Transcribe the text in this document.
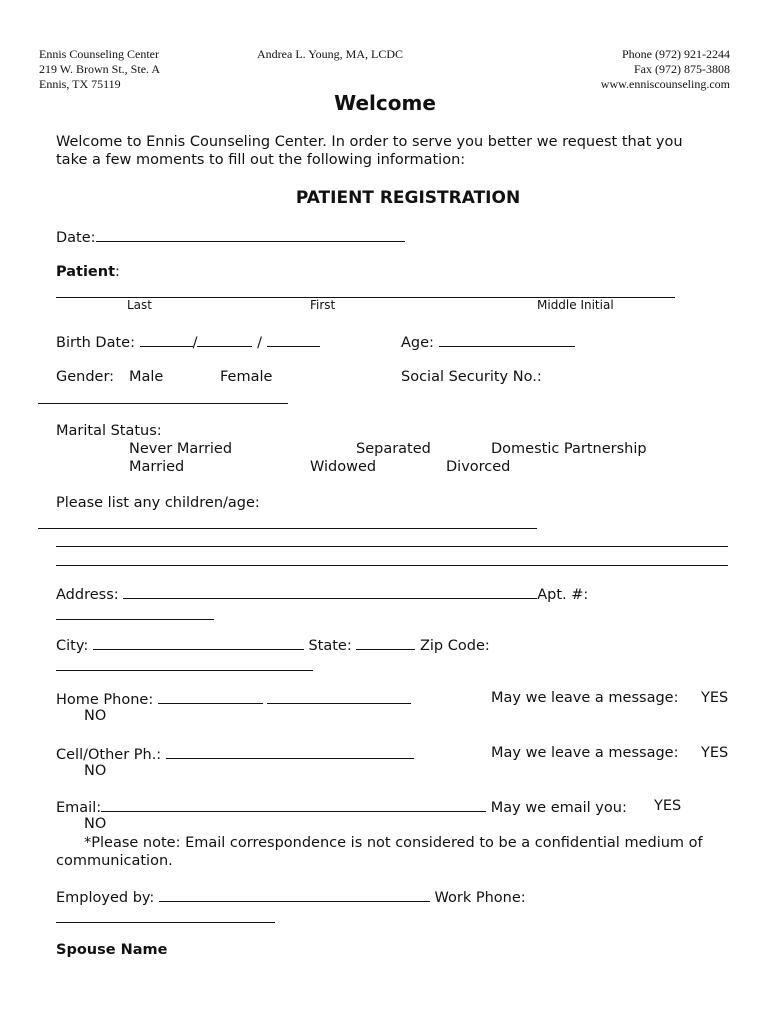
Ennis Counseling Center
219 W. Brown St., Ste. A
Ennis, TX 75119
Andrea L. Young, MA, LCDC	Phone (972) 921-2244
Fax (972) 875-3808
www.enniscounseling.com
Welcome
Welcome to Ennis Counseling Center. In order to serve you better we request that you
take a few moments to fill out the following information:
PATIENT REGISTRATION
Date:
Patient:
Last	First	Middle Initial
Birth Date:	/	/	Age:
Gender: Male	Female	Social Security No.:
Marital Status:
Never Married	Separated	Domestic Partnership
Married	Widowed	Divorced
Please list any children/age:
Address:	Apt. #:
City:	State:	Zip Code:
Home Phone:	May we leave a message: YES
NO
Cell/Other Ph.:	May we leave a message: YES
NO
Email:	May we email you: YES
NO
*Please note: Email correspondence is not considered to be a confidential medium of
communication.
Employed by:	Work Phone:
Spouse Name
